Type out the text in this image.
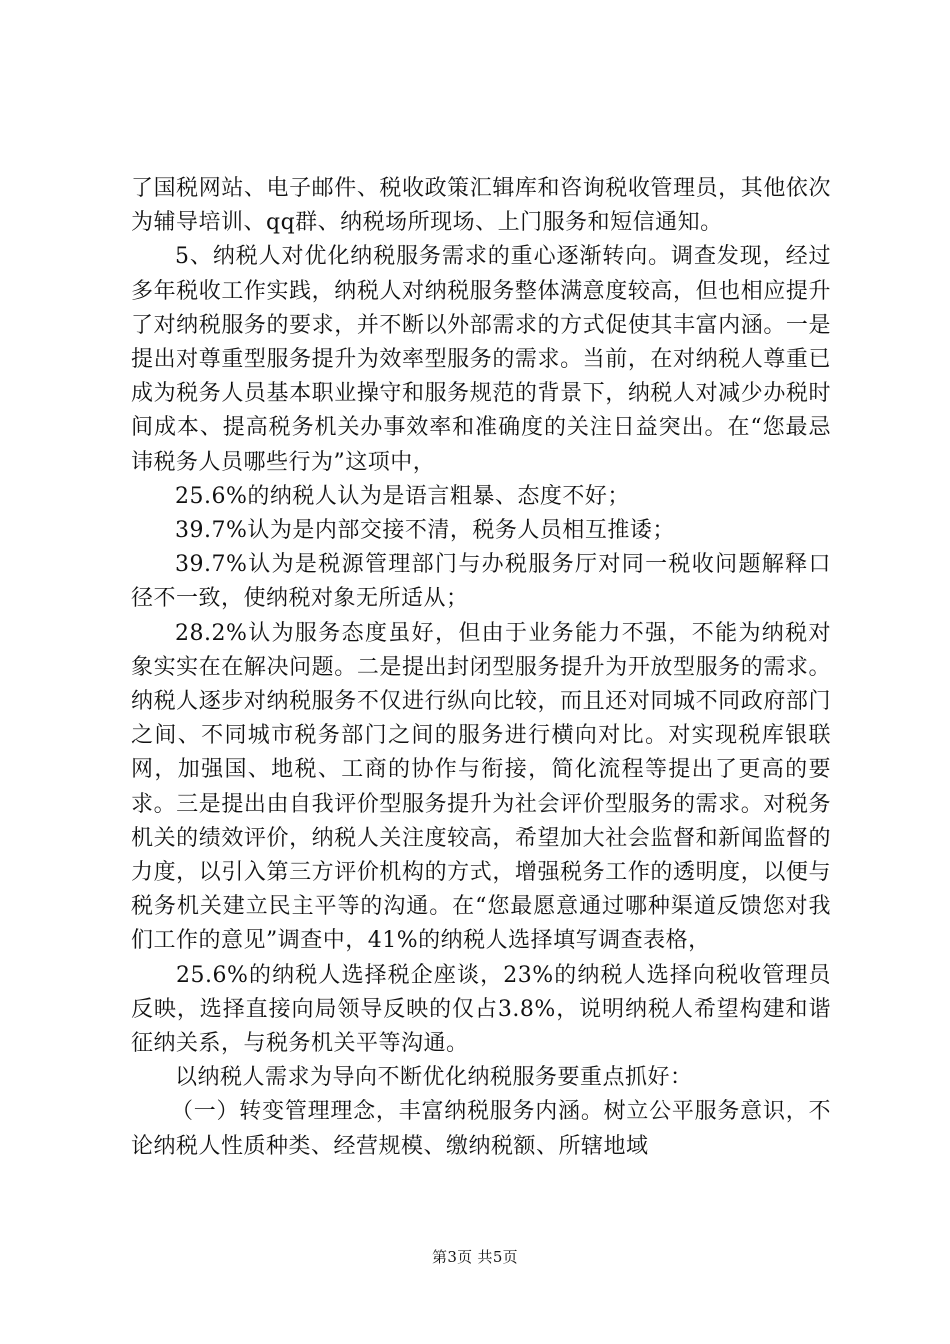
了国税网站、电子邮件、税收政策汇辑库和咨询税收管理员，其他依次为辅导培训、qq群、纳税场所现场、上门服务和短信通知。

5、纳税人对优化纳税服务需求的重心逐渐转向。调查发现，经过多年税收工作实践，纳税人对纳税服务整体满意度较高，但也相应提升了对纳税服务的要求，并不断以外部需求的方式促使其丰富内涵。一是提出对尊重型服务提升为效率型服务的需求。当前，在对纳税人尊重已成为税务人员基本职业操守和服务规范的背景下，纳税人对减少办税时间成本、提高税务机关办事效率和准确度的关注日益突出。在“您最忌讳税务人员哪些行为”这项中，

25.6%的纳税人认为是语言粗暴、态度不好；

39.7%认为是内部交接不清，税务人员相互推诿；

39.7%认为是税源管理部门与办税服务厅对同一税收问题解释口径不一致，使纳税对象无所适从；

28.2%认为服务态度虽好，但由于业务能力不强，不能为纳税对象实实在在解决问题。二是提出封闭型服务提升为开放型服务的需求。纳税人逐步对纳税服务不仅进行纵向比较，而且还对同城不同政府部门之间、不同城市税务部门之间的服务进行横向对比。对实现税库银联网，加强国、地税、工商的协作与衔接，简化流程等提出了更高的要求。三是提出由自我评价型服务提升为社会评价型服务的需求。对税务机关的绩效评价，纳税人关注度较高，希望加大社会监督和新闻监督的力度，以引入第三方评价机构的方式，增强税务工作的透明度，以便与税务机关建立民主平等的沟通。在“您最愿意通过哪种渠道反馈您对我们工作的意见”调查中，41%的纳税人选择填写调查表格，

25.6%的纳税人选择税企座谈，23%的纳税人选择向税收管理员反映，选择直接向局领导反映的仅占3.8%，说明纳税人希望构建和谐征纳关系，与税务机关平等沟通。

以纳税人需求为导向不断优化纳税服务要重点抓好：

（一）转变管理理念，丰富纳税服务内涵。树立公平服务意识，不论纳税人性质种类、经营规模、缴纳税额、所辖地域

第3页 共5页
